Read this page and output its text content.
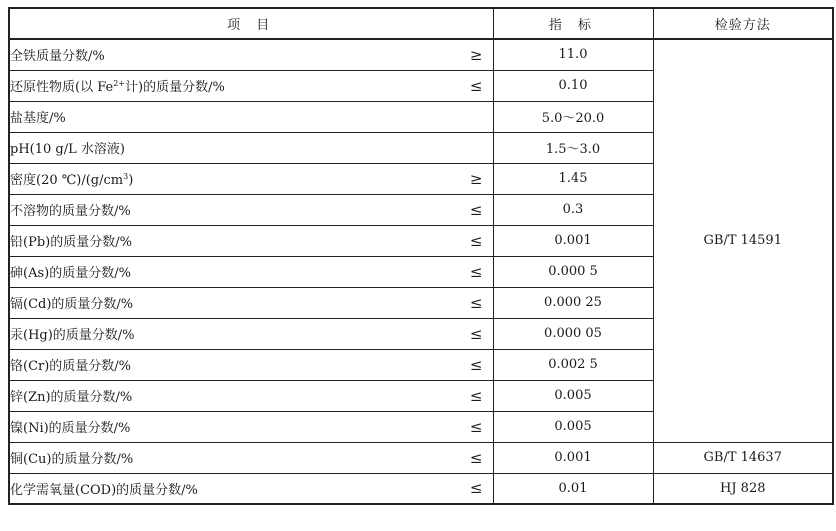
项 目	指 标	检验方法

全铁质量分数/% ≥	11.0	GB/T 14591

还原性物质(以 $Fe^{2+}$计)的质量分数/% ≤	0.10	

盐基度/%	5.0～20.0	

pH(10 g/L 水溶液)	1.5～3.0	

密度(20 $℃)/(g/cm^3)$ ≥	1.45	

不溶物的质量分数/% ≤	0.3	

铅(Pb)的质量分数/% ≤	0.001	

砷(As)的质量分数/% ≤	0.000 5	

镉(Cd)的质量分数/% ≤	0.000 25	

汞(Hg)的质量分数/% ≤	0.000 05	

铬(Cr)的质量分数/% ≤	0.002 5	

锌(Zn)的质量分数/% ≤	0.005	

镍(Ni)的质量分数/% ≤	0.005	

铜(Cu)的质量分数/% ≤	0.001	GB/T 14637

化学需氧量(COD)的质量分数/% ≤	0.01	HJ 828
